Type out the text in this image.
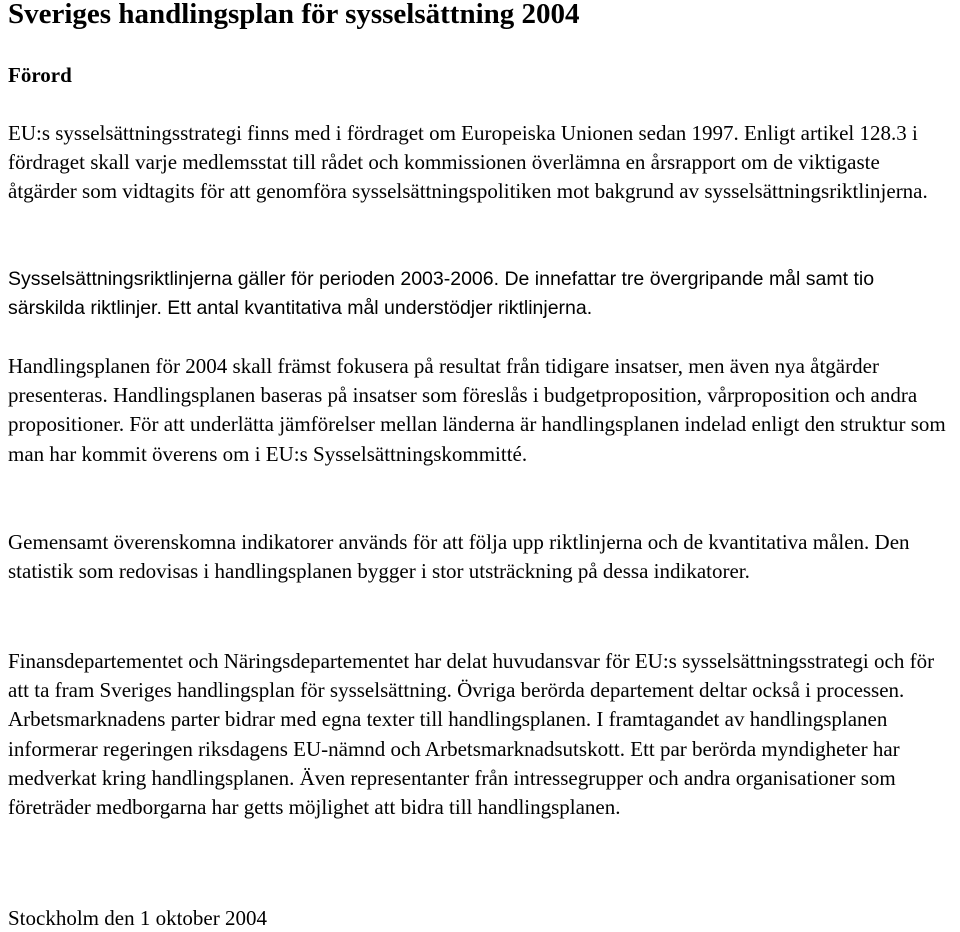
Sveriges handlingsplan för sysselsättning 2004
Förord

EU:s sysselsättningsstrategi finns med i fördraget om Europeiska Unionen sedan 1997. Enligt artikel 128.3 i fördraget skall varje medlemsstat till rådet och kommissionen överlämna en årsrapport om de viktigaste åtgärder som vidtagits för att genomföra sysselsättningspolitiken mot bakgrund av sysselsättningsriktlinjerna.

Sysselsättningsriktlinjerna gäller för perioden 2003-2006. De innefattar tre övergripande mål samt tio särskilda riktlinjer. Ett antal kvantitativa mål understödjer riktlinjerna.

Handlingsplanen för 2004 skall främst fokusera på resultat från tidigare insatser, men även nya åtgärder presenteras. Handlingsplanen baseras på insatser som föreslås i budgetproposition, vårproposition och andra propositioner. För att underlätta jämförelser mellan länderna är handlingsplanen indelad enligt den struktur som man har kommit överens om i EU:s Sysselsättningskommitté.

Gemensamt överenskomna indikatorer används för att följa upp riktlinjerna och de kvantitativa målen. Den statistik som redovisas i handlingsplanen bygger i stor utsträckning på dessa indikatorer.

Finansdepartementet och Näringsdepartementet har delat huvudansvar för EU:s sysselsättningsstrategi och för att ta fram Sveriges handlingsplan för sysselsättning. Övriga berörda departement deltar också i processen. Arbetsmarknadens parter bidrar med egna texter till handlingsplanen. I framtagandet av handlingsplanen informerar regeringen riksdagens EU-nämnd och Arbetsmarknadsutskott. Ett par berörda myndigheter har medverkat kring handlingsplanen. Även representanter från intressegrupper och andra organisationer som företräder medborgarna har getts möjlighet att bidra till handlingsplanen.

Stockholm den 1 oktober 2004
